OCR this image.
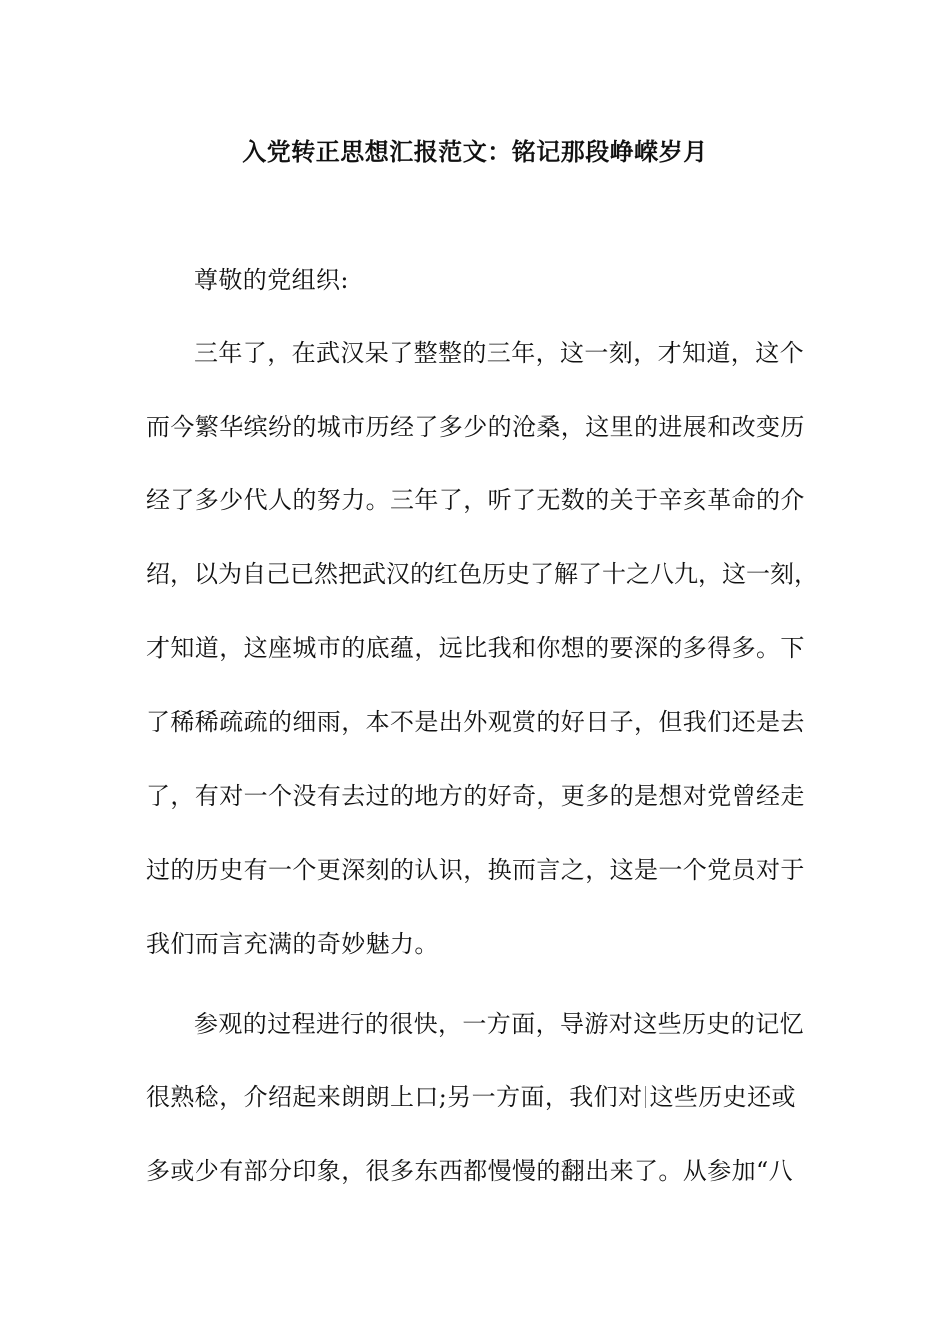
入党转正思想汇报范文：铭记那段峥嵘岁月
尊敬的党组织:
三年了，在武汉呆了整整的三年，这一刻，才知道，这个
而今繁华缤纷的城市历经了多少的沧桑，这里的进展和改变历
经了多少代人的努力。三年了，听了无数的关于辛亥革命的介
绍，以为自己已然把武汉的红色历史了解了十之八九，这一刻，
才知道，这座城市的底蕴，远比我和你想的要深的多得多。下
了稀稀疏疏的细雨，本不是出外观赏的好日子，但我们还是去
了，有对一个没有去过的地方的好奇，更多的是想对党曾经走
过的历史有一个更深刻的认识，换而言之，这是一个党员对于
我们而言充满的奇妙魅力。
参观的过程进行的很快，一方面，导游对这些历史的记忆
很熟稔，介绍起来朗朗上口;另一方面，我们对 这些历史还或
多或少有部分印象，很多东西都慢慢的翻出来了。从参加“八
